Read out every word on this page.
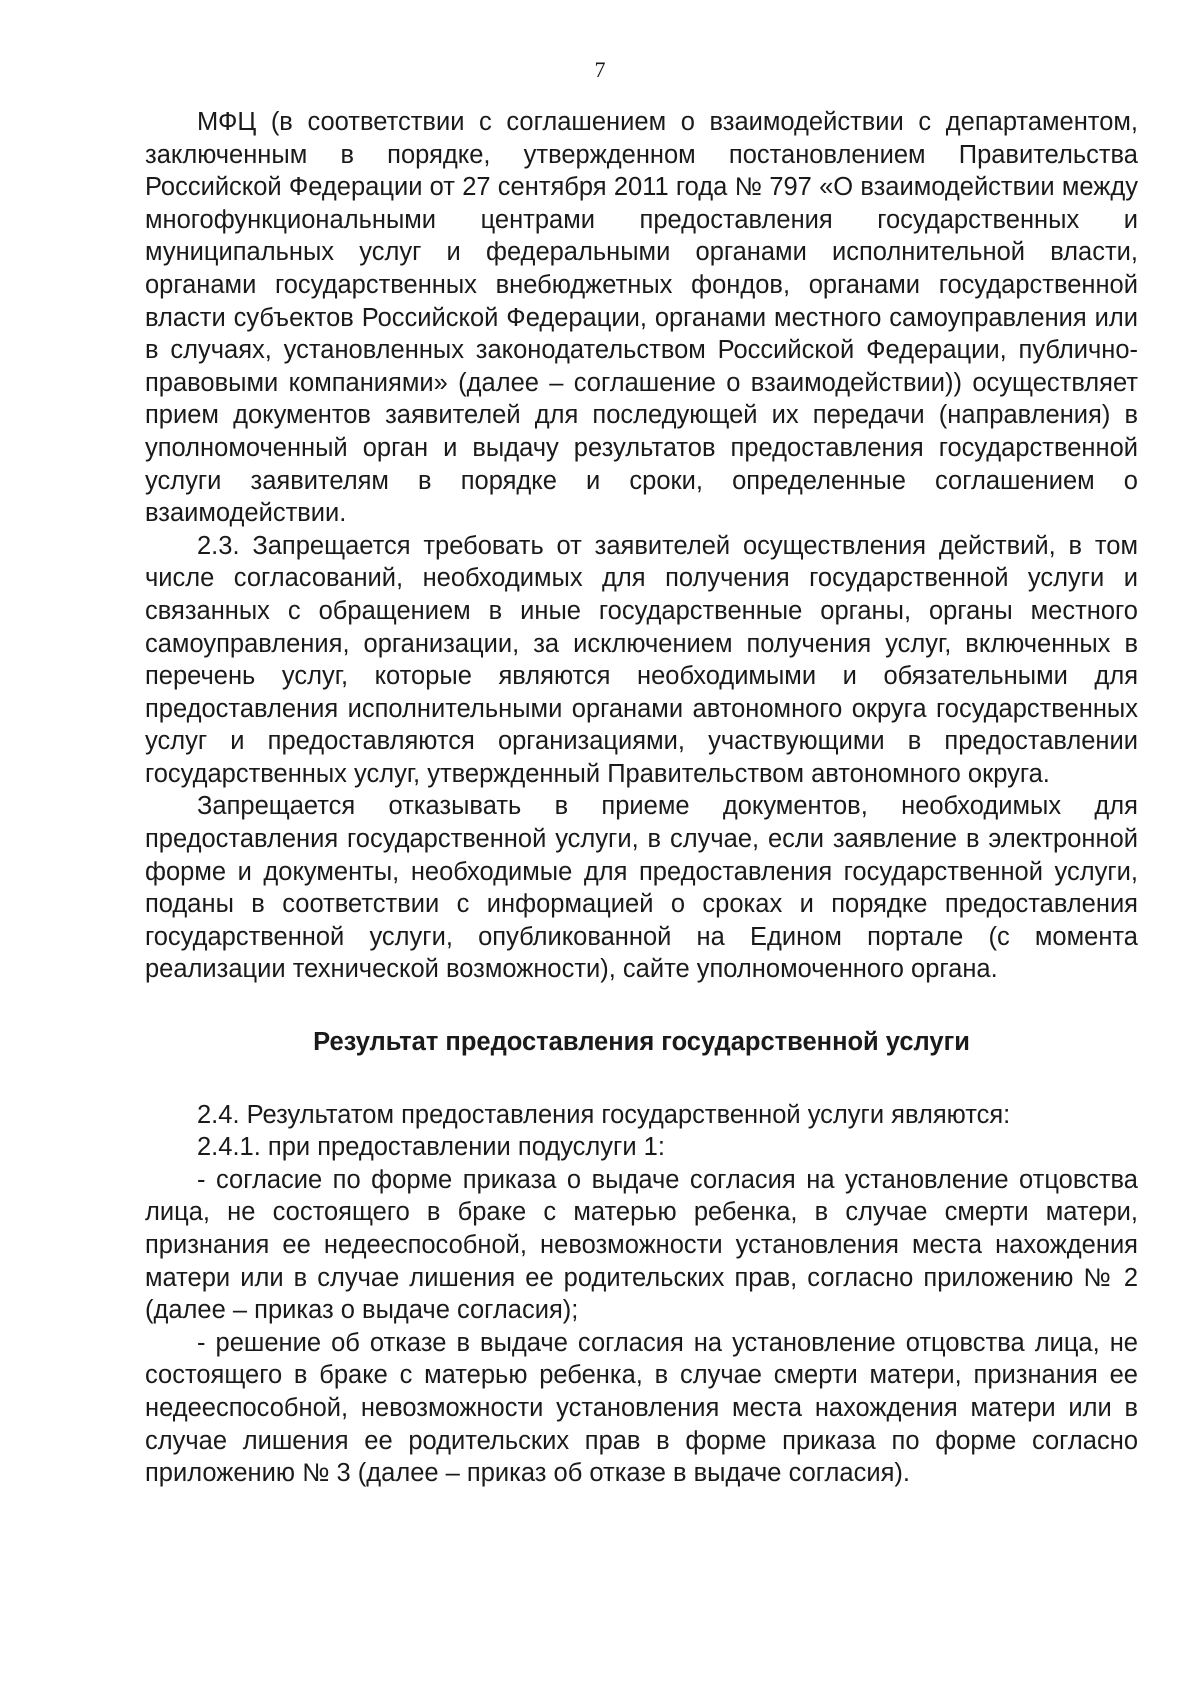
7

МФЦ (в соответствии с соглашением о взаимодействии с департаментом, заключенным в порядке, утвержденном постановлением Правительства Российской Федерации от 27 сентября 2011 года № 797 «О взаимодействии между многофункциональными центрами предоставления государственных и муниципальных услуг и федеральными органами исполнительной власти, органами государственных внебюджетных фондов, органами государственной власти субъектов Российской Федерации, органами местного самоуправления или в случаях, установленных законодательством Российской Федерации, публично-правовыми компаниями» (далее – соглашение о взаимодействии)) осуществляет прием документов заявителей для последующей их передачи (направления) в уполномоченный орган и выдачу результатов предоставления государственной услуги заявителям в порядке и сроки, определенные соглашением о взаимодействии.

2.3. Запрещается требовать от заявителей осуществления действий, в том числе согласований, необходимых для получения государственной услуги и связанных с обращением в иные государственные органы, органы местного самоуправления, организации, за исключением получения услуг, включенных в перечень услуг, которые являются необходимыми и обязательными для предоставления исполнительными органами автономного округа государственных услуг и предоставляются организациями, участвующими в предоставлении государственных услуг, утвержденный Правительством автономного округа.

Запрещается отказывать в приеме документов, необходимых для предоставления государственной услуги, в случае, если заявление в электронной форме и документы, необходимые для предоставления государственной услуги, поданы в соответствии с информацией о сроках и порядке предоставления государственной услуги, опубликованной на Едином портале (с момента реализации технической возможности), сайте уполномоченного органа.

Результат предоставления государственной услуги

2.4. Результатом предоставления государственной услуги являются:

2.4.1. при предоставлении подуслуги 1:

- согласие по форме приказа о выдаче согласия на установление отцовства лица, не состоящего в браке с матерью ребенка, в случае смерти матери, признания ее недееспособной, невозможности установления места нахождения матери или в случае лишения ее родительских прав, согласно приложению № 2 (далее – приказ о выдаче согласия);

- решение об отказе в выдаче согласия на установление отцовства лица, не состоящего в браке с матерью ребенка, в случае смерти матери, признания ее недееспособной, невозможности установления места нахождения матери или в случае лишения ее родительских прав в форме приказа по форме согласно приложению № 3 (далее – приказ об отказе в выдаче согласия).
